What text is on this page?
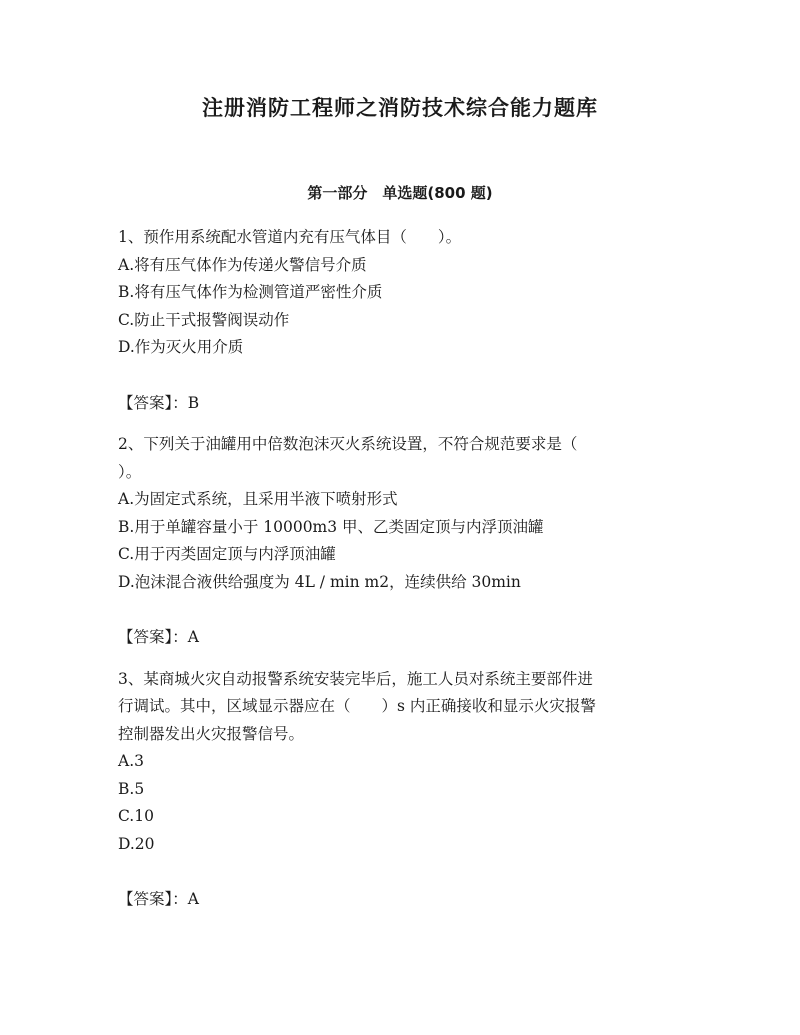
注册消防工程师之消防技术综合能力题库
第一部分　单选题(800 题)

1、预作用系统配水管道内充有压气体目（　　）。

A.将有压气体作为传递火警信号介质

B.将有压气体作为检测管道严密性介质

C.防止干式报警阀误动作

D.作为灭火用介质

【答案】：B

2、下列关于油罐用中倍数泡沫灭火系统设置，不符合规范要求是（

）。

A.为固定式系统，且采用半液下喷射形式

B.用于单罐容量小于 10000m3 甲、乙类固定顶与内浮顶油罐

C.用于丙类固定顶与内浮顶油罐

D.泡沫混合液供给强度为 4L / min m2，连续供给 30min

【答案】：A

3、某商城火灾自动报警系统安装完毕后，施工人员对系统主要部件进

行调试。其中，区域显示器应在（　　）s 内正确接收和显示火灾报警

控制器发出火灾报警信号。

A.3

B.5

C.10

D.20

【答案】：A
